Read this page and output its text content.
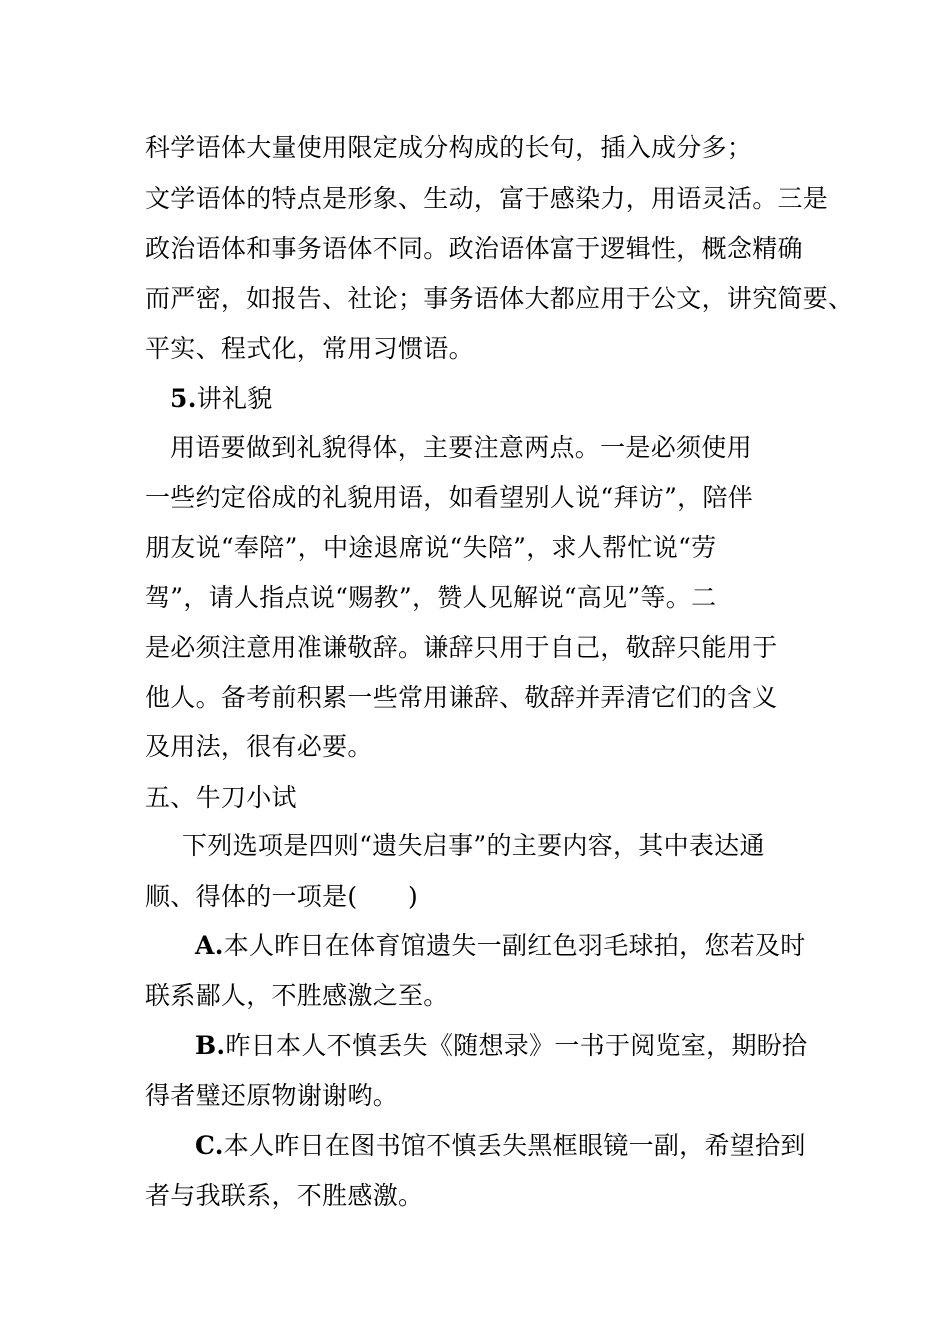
科学语体大量使用限定成分构成的长句，插入成分多；
文学语体的特点是形象、生动，富于感染力，用语灵活。三是
政治语体和事务语体不同。政治语体富于逻辑性，概念精确
而严密，如报告、社论；事务语体大都应用于公文，讲究简要、
平实、程式化，常用习惯语。
5.讲礼貌
用语要做到礼貌得体，主要注意两点。一是必须使用
一些约定俗成的礼貌用语，如看望别人说“拜访”，陪伴
朋友说“奉陪”，中途退席说“失陪”，求人帮忙说“劳
驾”，请人指点说“赐教”，赞人见解说“高见”等。二
是必须注意用准谦敬辞。谦辞只用于自己，敬辞只能用于
他人。备考前积累一些常用谦辞、敬辞并弄清它们的含义
及用法，很有必要。
五、牛刀小试
下列选项是四则“遗失启事”的主要内容，其中表达通
顺、得体的一项是(　　)
A.本人昨日在体育馆遗失一副红色羽毛球拍，您若及时
联系鄙人，不胜感激之至。
B.昨日本人不慎丢失《随想录》一书于阅览室，期盼拾
得者璧还原物谢谢哟。
C.本人昨日在图书馆不慎丢失黑框眼镜一副，希望拾到
者与我联系，不胜感激。
